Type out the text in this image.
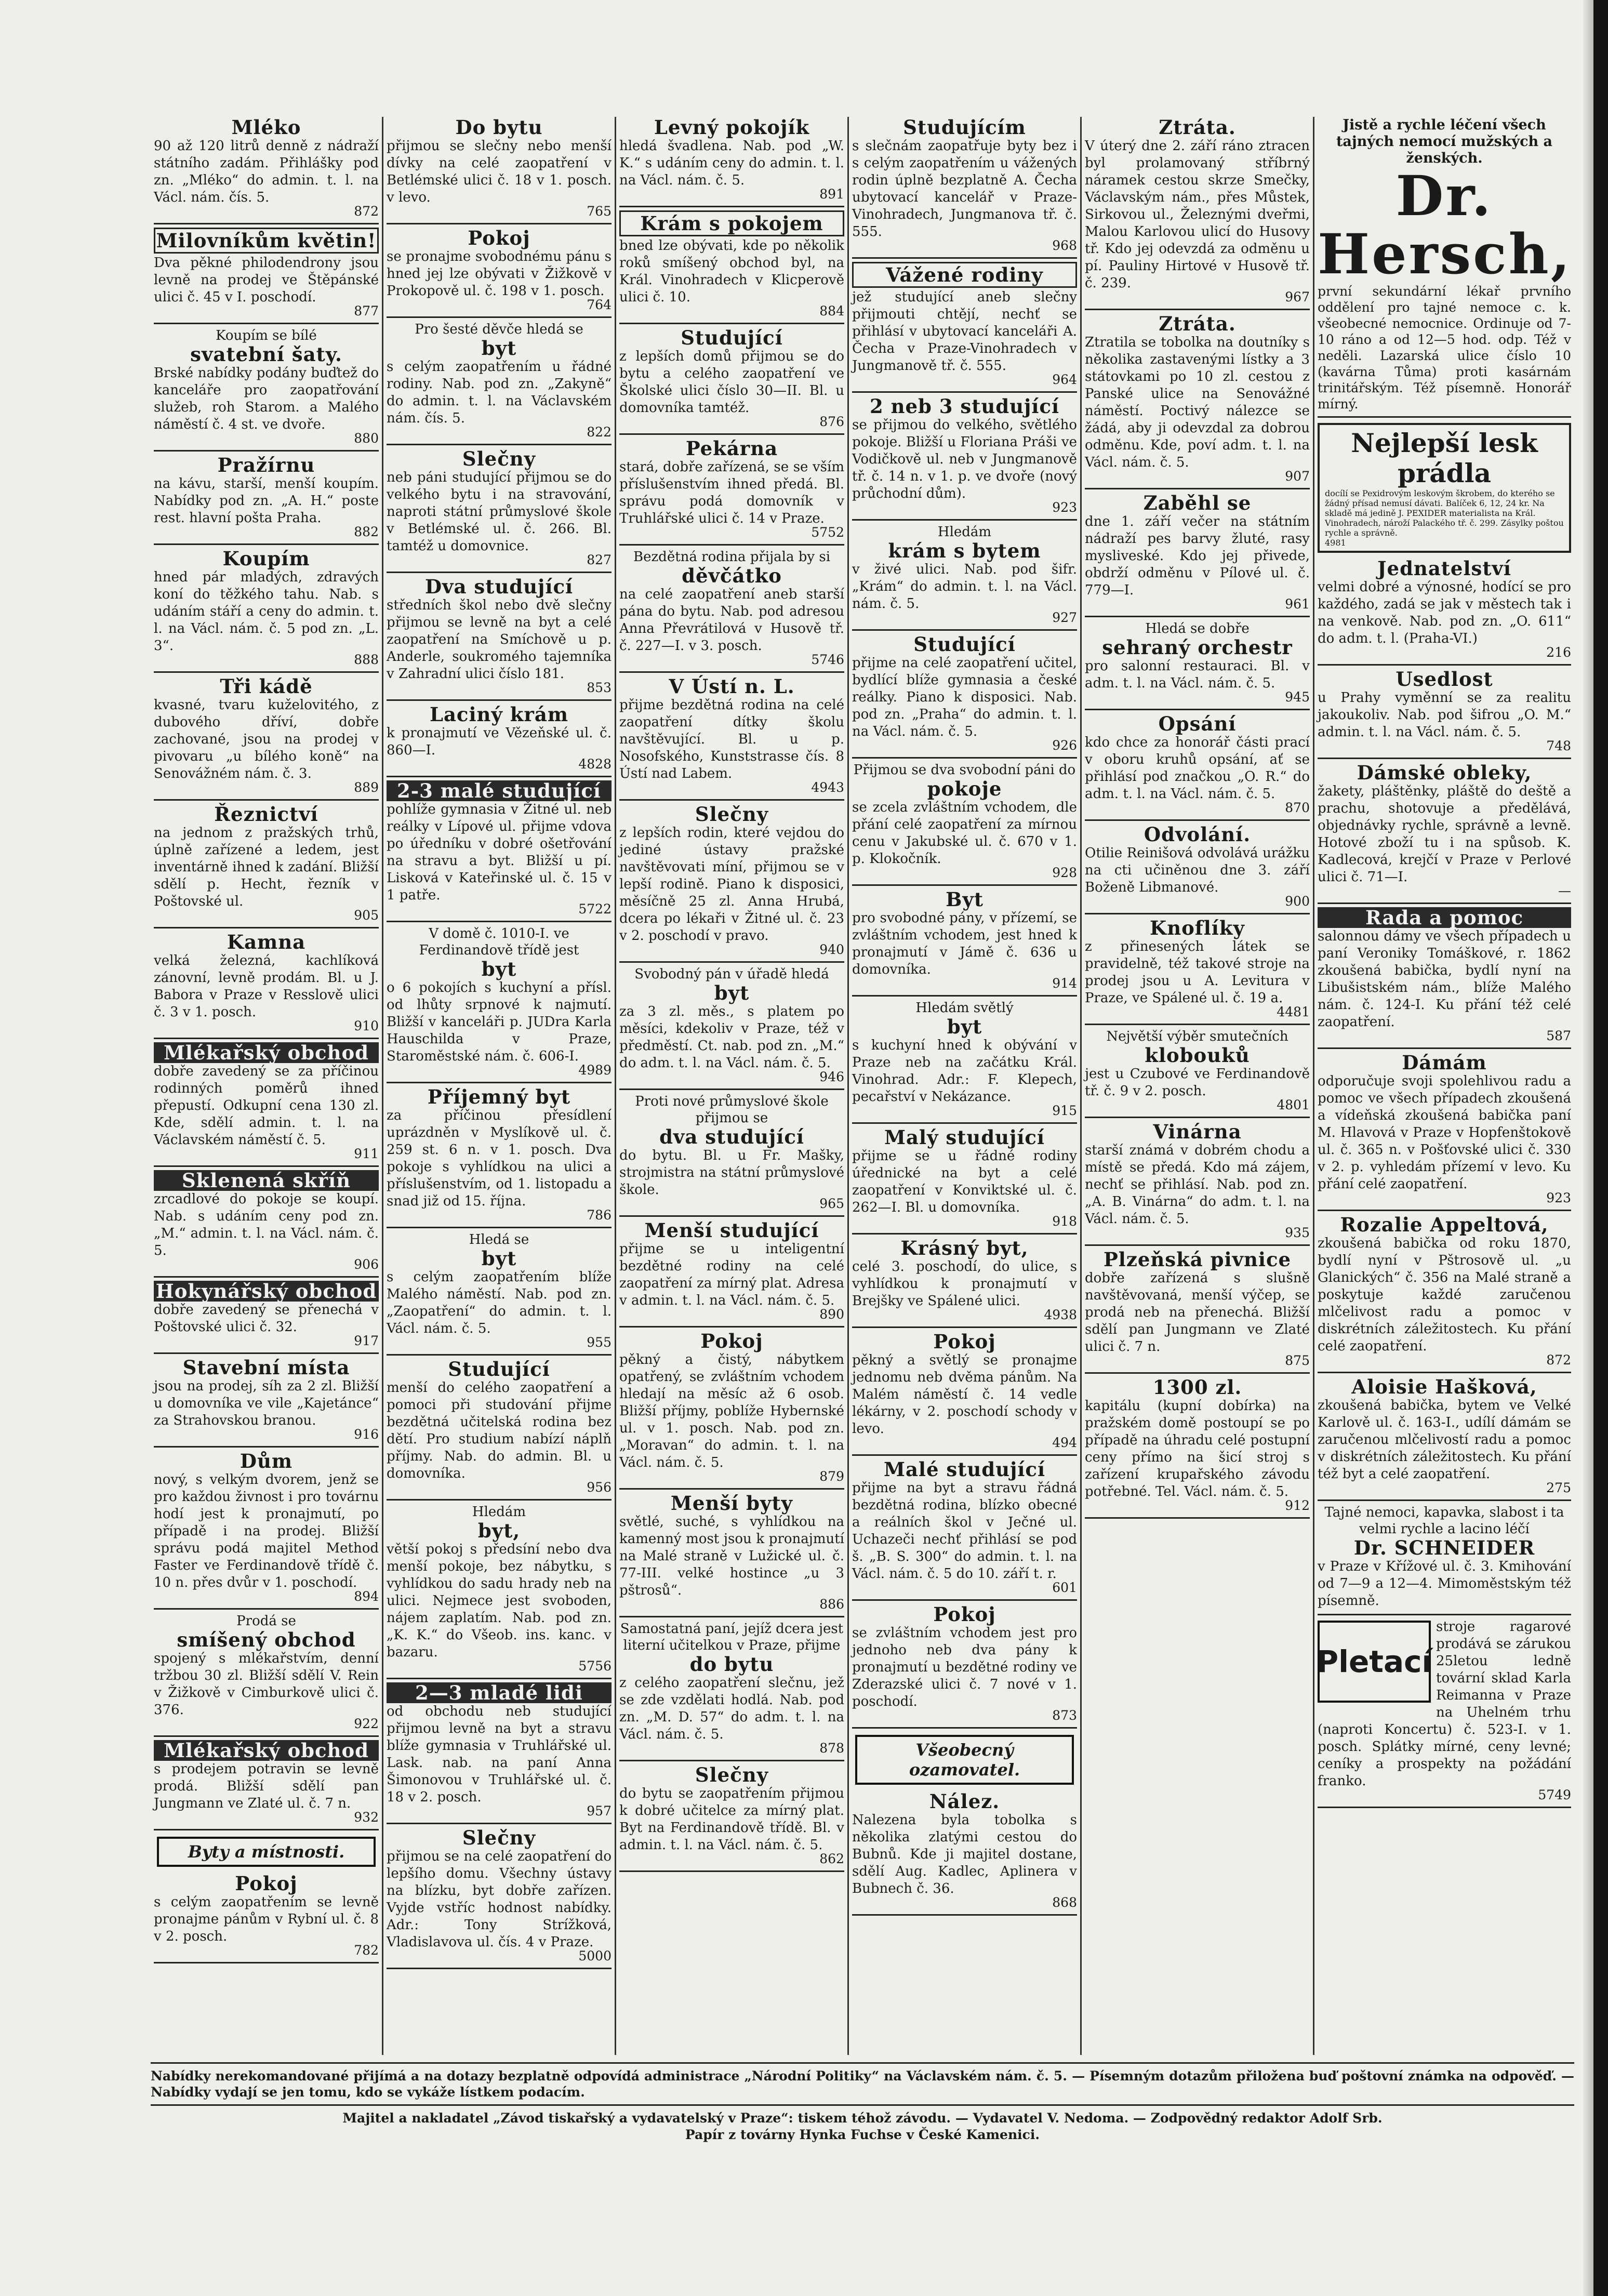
Mléko
90 až 120 litrů denně z nádraží státního zadám. Přihlášky pod zn. „Mléko“ do admin. t. l. na Václ. nám. čís. 5.
872
Milovníkům květin!
Dva pěkné philodendrony jsou levně na prodej ve Štěpánské ulici č. 45 v I. poschodí.
877
Koupím se bílé
svatební šaty.
Brské nabídky podány buďtež do kanceláře pro zaopatřování služeb, roh Starom. a Malého náměstí č. 4 st. ve dvoře.
880
Pražírnu
na kávu, starší, menší koupím. Nabídky pod zn. „A. H.“ poste rest. hlavní pošta Praha.
882
Koupím
hned pár mladých, zdravých koní do těžkého tahu. Nab. s udáním stáří a ceny do admin. t. l. na Václ. nám. č. 5 pod zn. „L. 3“.
888
Tři kádě
kvasné, tvaru kuželovitého, z dubového dříví, dobře zachované, jsou na prodej v pivovaru „u bílého koně“ na Senovážném nám. č. 3.
889
Řeznictví
na jednom z pražských trhů, úplně zařízené a ledem, jest inventárně ihned k zadání. Bližší sdělí p. Hecht, řezník v Poštovské ul.
905
Kamna
velká železná, kachlíková zánovní, levně prodám. Bl. u J. Babora v Praze v Resslově ulici č. 3 v 1. posch.
910
Mlékařský obchod
dobře zavedený se za příčinou rodinných poměrů ihned přepustí. Odkupní cena 130 zl. Kde, sdělí admin. t. l. na Václavském náměstí č. 5.
911
Sklenená skříň
zrcadlové do pokoje se koupí. Nab. s udáním ceny pod zn. „M.“ admin. t. l. na Václ. nám. č. 5.
906
Hokynářský obchod
dobře zavedený se přenechá v Poštovské ulici č. 32.
917
Stavební místa
jsou na prodej, síh za 2 zl. Bližší u domovníka ve vile „Kajetánce“ za Strahovskou branou.
916
Dům
nový, s velkým dvorem, jenž se pro každou živnost i pro továrnu hodí jest k pronajmutí, po případě i na prodej. Bližší správu podá majitel Method Faster ve Ferdinandově třídě č. 10 n. přes dvůr v 1. poschodí.
894
Prodá se
smíšený obchod
spojený s mlékařstvím, denní tržbou 30 zl. Bližší sdělí V. Rein v Žižkově v Cimburkově ulici č. 376.
922
Mlékařský obchod
s prodejem potravin se levně prodá. Bližší sdělí pan Jungmann ve Zlaté ul. č. 7 n.
932
Byty a místnosti.
Pokoj
s celým zaopatřením se levně pronajme pánům v Rybní ul. č. 8 v 2. posch.
782
Do bytu
přijmou se slečny nebo menší dívky na celé zaopatření v Betlémské ulici č. 18 v 1. posch. v levo.
765
Pokoj
se pronajme svobodnému pánu s hned jej lze obývati v Žižkově v Prokopově ul. č. 198 v 1. posch.
764
Pro šesté děvče hledá se
byt
s celým zaopatřením u řádné rodiny. Nab. pod zn. „Zakyně“ do admin. t. l. na Václavském nám. čís. 5.
822
Slečny
neb páni studující přijmou se do velkého bytu i na stravování, naproti státní průmyslové škole v Betlémské ul. č. 266. Bl. tamtéž u domovnice.
827
Dva studující
středních škol nebo dvě slečny přijmou se levně na byt a celé zaopatření na Smíchově u p. Anderle, soukromého tajemníka v Zahradní ulici číslo 181.
853
Laciný krám
k pronajmutí ve Vězeňské ul. č. 860—I.
4828
2-3 malé studující
pohlíže gymnasia v Žitné ul. neb reálky v Lípové ul. přijme vdova po úředníku v dobré ošetřování na stravu a byt. Bližší u pí. Lisková v Kateřinské ul. č. 15 v 1 patře.
5722
V domě č. 1010-I. ve Ferdinandově třídě jest
byt
o 6 pokojích s kuchyní a přísl. od lhůty srpnové k najmutí. Bližší v kanceláři p. JUDra Karla Hauschilda v Praze, Staroměstské nám. č. 606-I.
4989
Příjemný byt
za příčinou přesídlení uprázdněn v Myslíkově ul. č. 259 st. 6 n. v 1. posch. Dva pokoje s vyhlídkou na ulici a příslušenstvím, od 1. listopadu a snad již od 15. října.
786
Hledá se
byt
s celým zaopatřením blíže Malého náměstí. Nab. pod zn. „Zaopatření“ do admin. t. l. Václ. nám. č. 5.
955
Studující
menší do celého zaopatření a pomoci při studování přijme bezdětná učitelská rodina bez dětí. Pro studium nabízí náplň příjmy. Nab. do admin. Bl. u domovníka.
956
Hledám
byt,
větší pokoj s předsíní nebo dva menší pokoje, bez nábytku, s vyhlídkou do sadu hrady neb na ulici. Nejmece jest svoboden, nájem zaplatím. Nab. pod zn. „K. K.“ do Všeob. ins. kanc. v bazaru.
5756
2—3 mladé lidi
od obchodu neb studující přijmou levně na byt a stravu blíže gymnasia v Truhlářské ul. Lask. nab. na paní Anna Šimonovou v Truhlářské ul. č. 18 v 2. posch.
957
Slečny
přijmou se na celé zaopatření do lepšího domu. Všechny ústavy na blízku, byt dobře zařízen. Vyjde vstříc hodnost nabídky. Adr.: Tony Strížková, Vladislavova ul. čís. 4 v Praze.
5000
Levný pokojík
hledá švadlena. Nab. pod „W. K.“ s udáním ceny do admin. t. l. na Václ. nám. č. 5.
891
Krám s pokojem
bned lze obývati, kde po několik roků smíšený obchod byl, na Král. Vinohradech v Klicperově ulici č. 10.
884
Studující
z lepších domů přijmou se do bytu a celého zaopatření ve Školské ulici číslo 30—II. Bl. u domovníka tamtéž.
876
Pekárna
stará, dobře zařízená, se se vším příslušenstvím ihned předá. Bl. správu podá domovník v Truhlářské ulici č. 14 v Praze.
5752
Bezdětná rodina přijala by si
děvčátko
na celé zaopatření aneb starší pána do bytu. Nab. pod adresou Anna Převrátilová v Husově tř. č. 227—I. v 3. posch.
5746
V Ústí n. L.
přijme bezdětná rodina na celé zaopatření dítky školu navštěvující. Bl. u p. Nosofského, Kunststrasse čís. 8 Ústí nad Labem.
4943
Slečny
z lepších rodin, které vejdou do jediné ústavy pražské navštěvovati míní, přijmou se v lepší rodině. Piano k disposici, měsíčně 25 zl. Anna Hrubá, dcera po lékaři v Žitné ul. č. 23 v 2. poschodí v pravo.
940
Svobodný pán v úřadě hledá
byt
za 3 zl. měs., s platem po měsíci, kdekoliv v Praze, též v předměstí. Ct. nab. pod zn. „M.“ do adm. t. l. na Václ. nám. č. 5.
946
Proti nové průmyslové škole přijmou se
dva studující
do bytu. Bl. u Fr. Mašky, strojmistra na státní průmyslové škole.
965
Menší studující
přijme se u inteligentní bezdětné rodiny na celé zaopatření za mírný plat. Adresa v admin. t. l. na Václ. nám. č. 5.
890
Pokoj
pěkný a čistý, nábytkem opatřený, se zvláštním vchodem hledají na měsíc až 6 osob. Bližší příjmy, poblíže Hybernské ul. v 1. posch. Nab. pod zn. „Moravan“ do admin. t. l. na Václ. nám. č. 5.
879
Menší byty
světlé, suché, s vyhlídkou na kamenný most jsou k pronajmutí na Malé straně v Lužické ul. č. 77-III. velké hostince „u 3 pštrosů“.
886
Samostatná paní, jejíž dcera jest literní učitelkou v Praze, přijme
do bytu
z celého zaopatření slečnu, jež se zde vzdělati hodlá. Nab. pod zn. „M. D. 57“ do adm. t. l. na Václ. nám. č. 5.
878
Slečny
do bytu se zaopatřením přijmou k dobré učitelce za mírný plat. Byt na Ferdinandově třídě. Bl. v admin. t. l. na Václ. nám. č. 5.
862
Studujícím
s slečnám zaopatřuje byty bez i s celým zaopatřením u vážených rodin úplně bezplatně A. Čecha ubytovací kancelář v Praze-Vinohradech, Jungmanova tř. č. 555.
968
Vážené rodiny
jež studující aneb slečny přijmouti chtějí, nechť se přihlásí v ubytovací kanceláři A. Čecha v Praze-Vinohradech v Jungmanově tř. č. 555.
964
2 neb 3 studující
se přijmou do velkého, světlého pokoje. Bližší u Floriana Práši ve Vodičkově ul. neb v Jungmanově tř. č. 14 n. v 1. p. ve dvoře (nový průchodní dům).
923
Hledám
krám s bytem
v živé ulici. Nab. pod šifr. „Krám“ do admin. t. l. na Václ. nám. č. 5.
927
Studující
přijme na celé zaopatření učitel, bydlící blíže gymnasia a české reálky. Piano k disposici. Nab. pod zn. „Praha“ do admin. t. l. na Václ. nám. č. 5.
926
Přijmou se dva svobodní páni do
pokoje
se zcela zvláštním vchodem, dle přání celé zaopatření za mírnou cenu v Jakubské ul. č. 670 v 1. p. Klokočník.
928
Byt
pro svobodné pány, v přízemí, se zvláštním vchodem, jest hned k pronajmutí v Jámě č. 636 u domovníka.
914
Hledám světlý
byt
s kuchyní hned k obývání v Praze neb na začátku Král. Vinohrad. Adr.: F. Klepech, pecařství v Nekázance.
915
Malý studující
přijme se u řádné rodiny úřednické na byt a celé zaopatření v Konviktské ul. č. 262—I. Bl. u domovníka.
918
Krásný byt,
celé 3. poschodí, do ulice, s vyhlídkou k pronajmutí v Brejšky ve Spálené ulici.
4938
Pokoj
pěkný a světlý se pronajme jednomu neb dvěma pánům. Na Malém náměstí č. 14 vedle lékárny, v 2. poschodí schody v levo.
494
Malé studující
přijme na byt a stravu řádná bezdětná rodina, blízko obecné a reálních škol v Ječné ul. Uchazeči nechť přihlásí se pod š. „B. S. 300“ do admin. t. l. na Václ. nám. č. 5 do 10. září t. r.
601
Pokoj
se zvláštním vchodem jest pro jednoho neb dva pány k pronajmutí u bezdětné rodiny ve Zderazské ulici č. 7 nové v 1. poschodí.
873
Všeobecný ozamovatel.
Nález.
Nalezena byla tobolka s několika zlatými cestou do Bubnů. Kde ji majitel dostane, sdělí Aug. Kadlec, Aplinera v Bubnech č. 36.
868
Ztráta.
V úterý dne 2. září ráno ztracen byl prolamovaný stříbrný náramek cestou skrze Smečky, Václavským nám., přes Můstek, Sirkovou ul., Železnými dveřmi, Malou Karlovou ulicí do Husovy tř. Kdo jej odevzdá za odměnu u pí. Pauliny Hirtové v Husově tř. č. 239.
967
Ztráta.
Ztratila se tobolka na doutníky s několika zastavenými lístky a 3 státovkami po 10 zl. cestou z Panské ulice na Senovážné náměstí. Poctivý nálezce se žádá, aby ji odevzdal za dobrou odměnu. Kde, poví adm. t. l. na Václ. nám. č. 5.
907
Zaběhl se
dne 1. září večer na státním nádraží pes barvy žluté, rasy mysliveské. Kdo jej přivede, obdrží odměnu v Pílové ul. č. 779—I.
961
Hledá se dobře
sehraný orchestr
pro salonní restauraci. Bl. v adm. t. l. na Václ. nám. č. 5.
945
Opsání
kdo chce za honorář části prací v oboru kruhů opsání, ať se přihlásí pod značkou „O. R.“ do adm. t. l. na Václ. nám. č. 5.
870
Odvolání.
Otilie Reinišová odvolává urážku na cti učiněnou dne 3. září Boženě Libmanové.
900
Knoflíky
z přinesených látek se pravidelně, též takové stroje na prodej jsou u A. Levitura v Praze, ve Spálené ul. č. 19 a.
4481
Největší výběr smutečních
klobouků
jest u Czubové ve Ferdinandově tř. č. 9 v 2. posch.
4801
Vinárna
starší známá v dobrém chodu a místě se předá. Kdo má zájem, nechť se přihlásí. Nab. pod zn. „A. B. Vinárna“ do adm. t. l. na Václ. nám. č. 5.
935
Plzeňská pivnice
dobře zařízená s slušně navštěvovaná, menší výčep, se prodá neb na přenechá. Bližší sdělí pan Jungmann ve Zlaté ulici č. 7 n.
875
1300 zl.
kapitálu (kupní dobírka) na pražském domě postoupí se po případě na úhradu celé postupní ceny přímo na šicí stroj s zařízení krupařského závodu potřebné. Tel. Václ. nám. č. 5.
912
Jistě a rychle léčení všech tajných nemocí mužských a ženských.
Dr. Hersch,
první sekundární lékař prvního oddělení pro tajné nemoce c. k. všeobecné nemocnice. Ordinuje od 7-10 ráno a od 12—5 hod. odp. Též v neděli. Lazarská ulice číslo 10 (kavárna Tůma) proti kasárnám trinitářským. Též písemně. Honorář mírný.
Nejlepší lesk prádla
docílí se Pexidrovým leskovým škrobem, do kterého se žádný přísad nemusí dávati. Balíček 6, 12, 24 kr. Na skladě má jedině J. PEXIDER materialista na Král. Vinohradech, nároží Palackého tř. č. 299. Zásylky poštou rychle a správně.
4981
Jednatelství
velmi dobré a výnosné, hodící se pro každého, zadá se jak v městech tak i na venkově. Nab. pod zn. „O. 611“ do adm. t. l. (Praha-VI.)
216
Usedlost
u Prahy vyměnní se za realitu jakoukoliv. Nab. pod šifrou „O. M.“ admin. t. l. na Václ. nám. č. 5.
748
Dámské obleky,
žakety, pláštěnky, pláště do deště a prachu, shotovuje a předělává, objednávky rychle, správně a levně. Hotové zboží tu i na spůsob. K. Kadlecová, krejčí v Praze v Perlové ulici č. 71—I.
—
Rada a pomoc
salonnou dámy ve všech případech u paní Veroniky Tomáškové, r. 1862 zkoušená babička, bydlí nyní na Libušistském nám., blíže Malého nám. č. 124-I. Ku přání též celé zaopatření.
587
Dámám
odporučuje svoji spolehlivou radu a pomoc ve všech případech zkoušená a vídeňská zkoušená babička paní M. Hlavová v Praze v Hopfenštokově ul. č. 365 n. v Pošťovské ulici č. 330 v 2. p. vyhledám přízemí v levo. Ku přání celé zaopatření.
923
Rozalie Appeltová,
zkoušená babička od roku 1870, bydlí nyní v Pštrosově ul. „u Glanických“ č. 356 na Malé straně a poskytuje každé zaručenou mlčelivost radu a pomoc v diskrétních záležitostech. Ku přání celé zaopatření.
872
Aloisie Hašková,
zkoušená babička, bytem ve Velké Karlově ul. č. 163-I., udílí dámám se zaručenou mlčelivostí radu a pomoc v diskrétních záležitostech. Ku přání též byt a celé zaopatření.
275
Tajné nemoci, kapavka, slabost i ta velmi rychle a lacino léčí
Dr. SCHNEIDER
v Praze v Křížové ul. č. 3. Kmihování od 7—9 a 12—4. Mimoměstským též písemně.
Pletací
stroje ragarové prodává se zárukou 25letou ledně tovární sklad Karla Reimanna v Praze na Uhelném trhu (naproti Koncertu) č. 523-I. v 1. posch. Splátky mírné, ceny levné; ceníky a prospekty na požádání franko.
5749
Nabídky nerekomandované přijímá a na dotazy bezplatně odpovídá administrace „Národní Politiky“ na Václavském nám. č. 5. — Písemným dotazům přiložena buď poštovní známka na odpověď. — Nabídky vydají se jen tomu, kdo se vykáže lístkem podacím.
Majitel a nakladatel „Závod tiskařský a vydavatelský v Praze“: tiskem téhož závodu. — Vydavatel V. Nedoma. — Zodpovědný redaktor Adolf Srb.
Papír z továrny Hynka Fuchse v České Kamenici.
